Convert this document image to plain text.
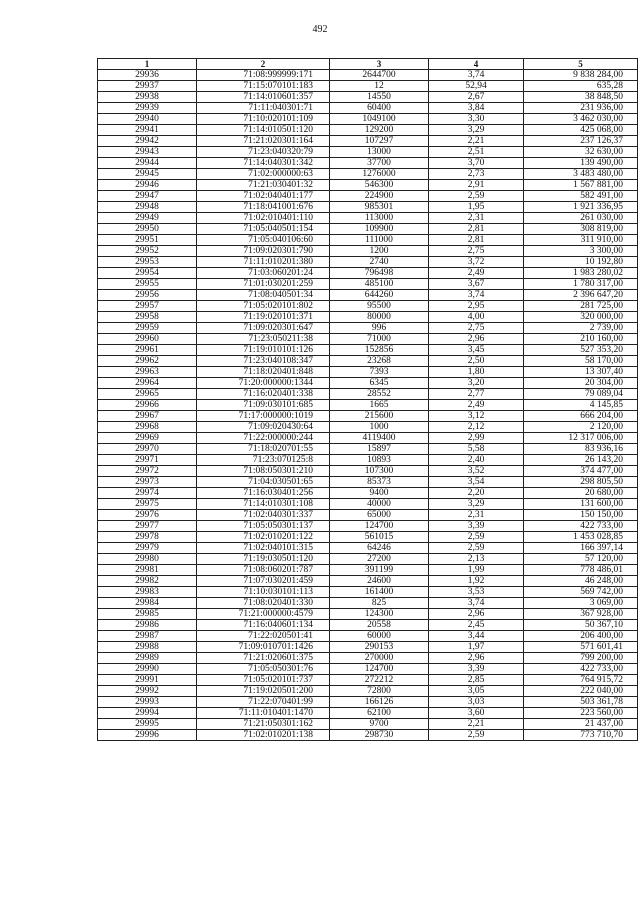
492
1	2	3	4	5
29936	71:08:999999:171	2644700	3,74	9 838 284,00
29937	71:15:070101:183	12	52,94	635,28
29938	71:14:010601:357	14550	2,67	38 848,50
29939	71:11:040301:71	60400	3,84	231 936,00
29940	71:10:020101:109	1049100	3,30	3 462 030,00
29941	71:14:010501:120	129200	3,29	425 068,00
29942	71:21:020301:164	107297	2,21	237 126,37
29943	71:23:040320:79	13000	2,51	32 630,00
29944	71:14:040301:342	37700	3,70	139 490,00
29945	71:02:000000:63	1276000	2,73	3 483 480,00
29946	71:21:030401:32	546300	2,91	1 567 881,00
29947	71:02:040401:177	224900	2,59	582 491,00
29948	71:18:041001:676	985301	1,95	1 921 336,95
29949	71:02:010401:110	113000	2,31	261 030,00
29950	71:05:040501:154	109900	2,81	308 819,00
29951	71:05:040106:60	111000	2,81	311 910,00
29952	71:09:020301:790	1200	2,75	3 300,00
29953	71:11:010201:380	2740	3,72	10 192,80
29954	71:03:060201:24	796498	2,49	1 983 280,02
29955	71:01:030201:259	485100	3,67	1 780 317,00
29956	71:08:040501:34	644260	3,74	2 396 647,20
29957	71:05:020101:802	95500	2,95	281 725,00
29958	71:19:020101:371	80000	4,00	320 000,00
29959	71:09:020301:647	996	2,75	2 739,00
29960	71:23:050211:38	71000	2,96	210 160,00
29961	71:19:010101:126	152856	3,45	527 353,20
29962	71:23:040108:347	23268	2,50	58 170,00
29963	71:18:020401:848	7393	1,80	13 307,40
29964	71:20:000000:1344	6345	3,20	20 304,00
29965	71:16:020401:338	28552	2,77	79 089,04
29966	71:09:030101:685	1665	2,49	4 145,85
29967	71:17:000000:1019	215600	3,12	666 204,00
29968	71:09:020430:64	1000	2,12	2 120,00
29969	71:22:000000:244	4119400	2,99	12 317 006,00
29970	71:18:020701:55	15897	5,58	83 936,16
29971	71:23:070125:8	10893	2,40	26 143,20
29972	71:08:050301:210	107300	3,52	374 477,00
29973	71:04:030501:65	85373	3,54	298 805,50
29974	71:16:030401:256	9400	2,20	20 680,00
29975	71:14:010301:108	40000	3,29	131 600,00
29976	71:02:040301:337	65000	2,31	150 150,00
29977	71:05:050301:137	124700	3,39	422 733,00
29978	71:02:010201:122	561015	2,59	1 453 028,85
29979	71:02:040101:315	64246	2,59	166 397,14
29980	71:19:030501:120	27200	2,13	57 120,00
29981	71:08:060201:787	391199	1,99	778 486,01
29982	71:07:030201:459	24600	1,92	46 248,00
29983	71:10:030101:113	161400	3,53	569 742,00
29984	71:08:020401:330	825	3,74	3 069,00
29985	71:21:000000:4579	124300	2,96	367 928,00
29986	71:16:040601:134	20558	2,45	50 367,10
29987	71:22:020501:41	60000	3,44	206 400,00
29988	71:09:010701:1426	290153	1,97	571 601,41
29989	71:21:020601:375	270000	2,96	799 200,00
29990	71:05:050301:76	124700	3,39	422 733,00
29991	71:05:020101:737	272212	2,85	764 915,72
29992	71:19:020501:200	72800	3,05	222 040,00
29993	71:22:070401:99	166126	3,03	503 361,78
29994	71:11:010401:1470	62100	3,60	223 560,00
29995	71:21:050301:162	9700	2,21	21 437,00
29996	71:02:010201:138	298730	2,59	773 710,70
